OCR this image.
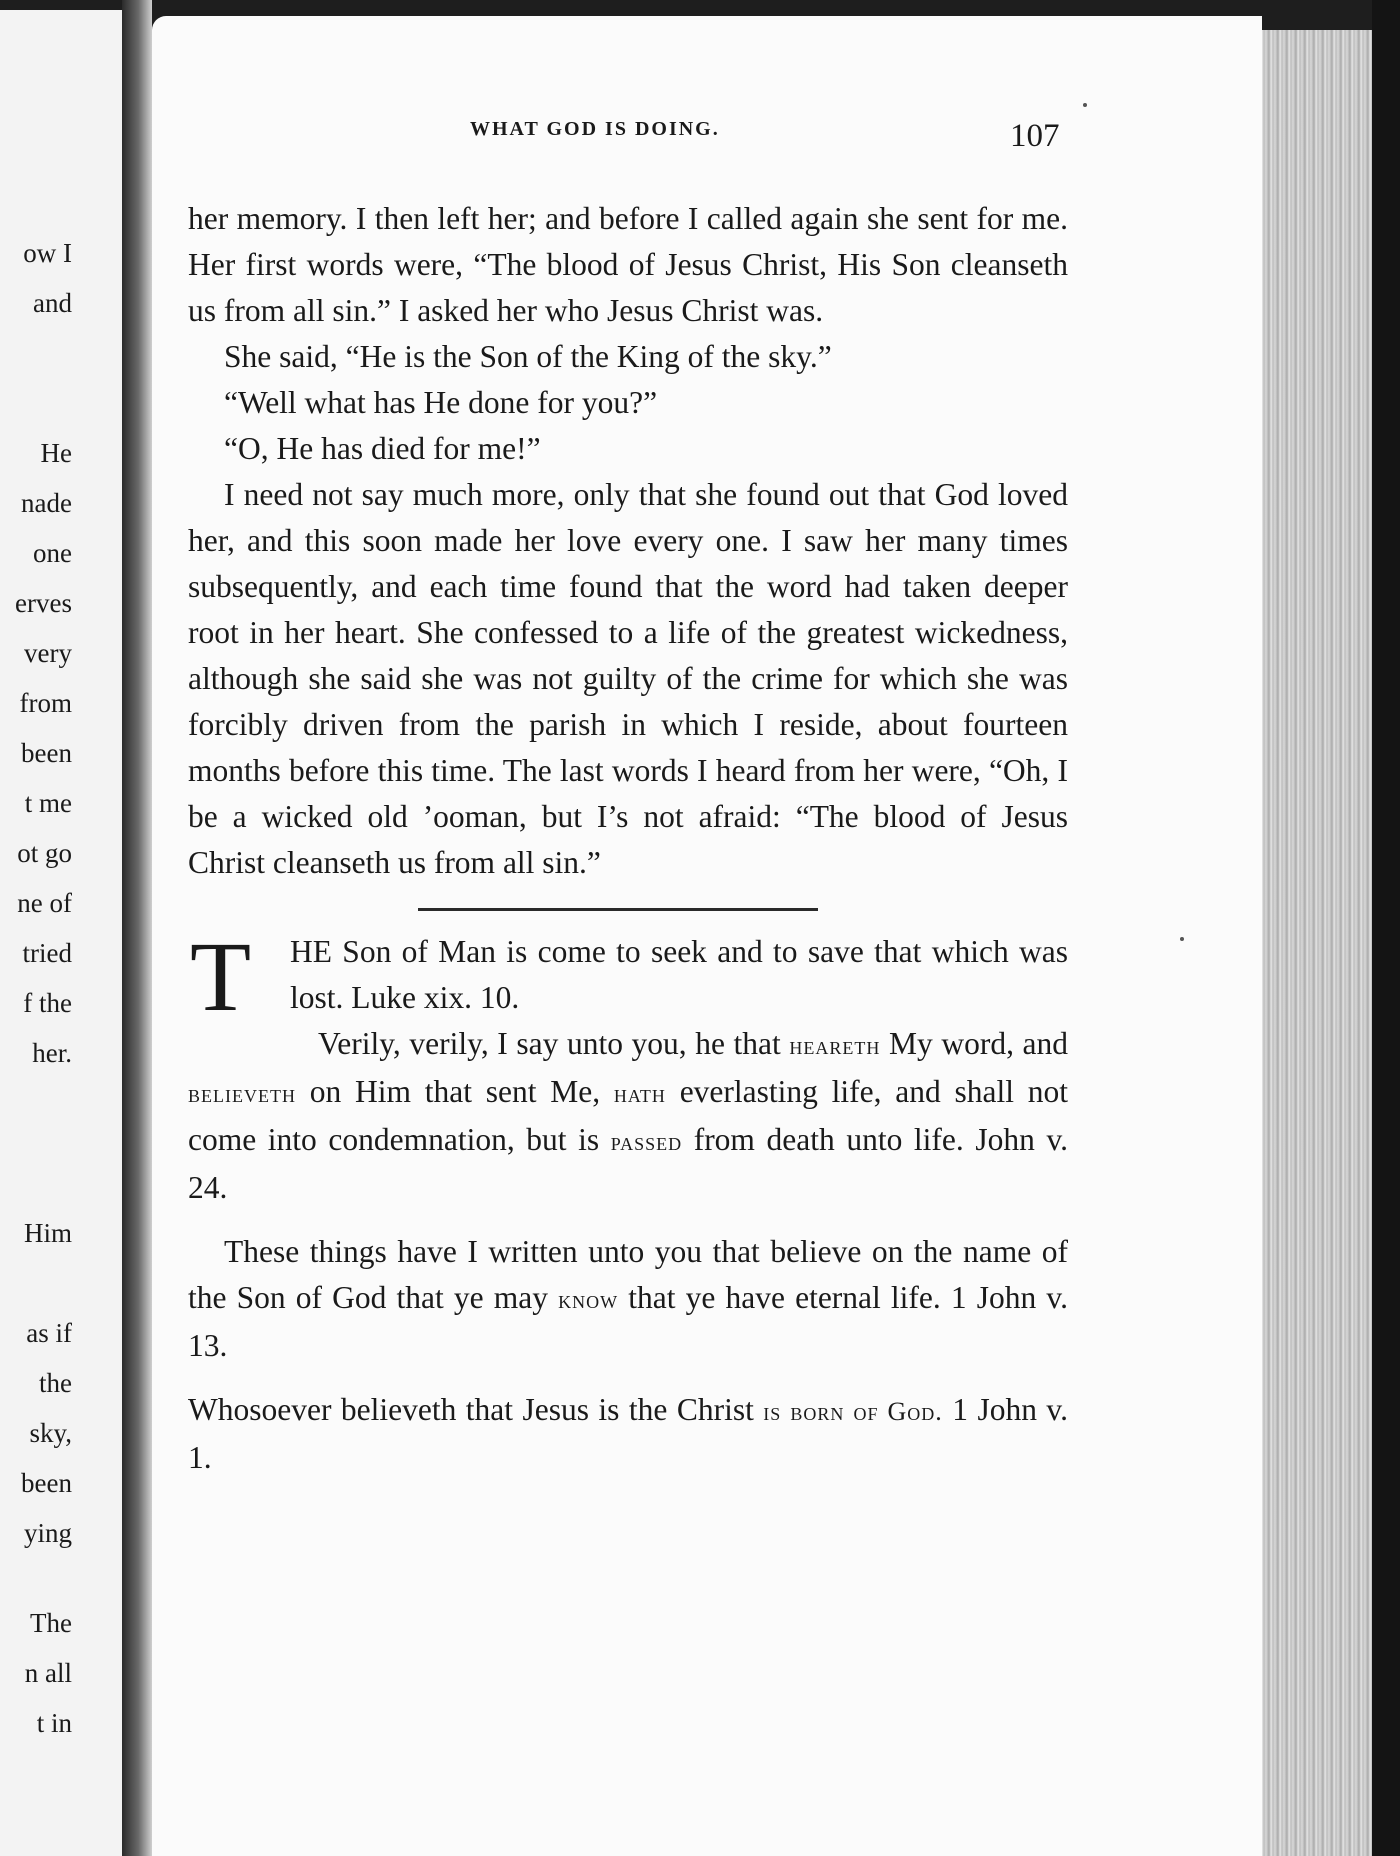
ow I
and
He
nade
one
erves
very
from
been
t me
ot go
ne of
tried
f the
her.
Him
as if
the
sky,
been
ying
The
n all
t in
WHAT GOD IS DOING.	107

her memory. I then left her; and before I called again she sent for me. Her first words were, “The blood of Jesus Christ, His Son cleanseth us from all sin.” I asked her who Jesus Christ was.

She said, “He is the Son of the King of the sky.”

“Well what has He done for you?”

“O, He has died for me!”

I need not say much more, only that she found out that God loved her, and this soon made her love every one. I saw her many times subsequently, and each time found that the word had taken deeper root in her heart. She confessed to a life of the greatest wickedness, although she said she was not guilty of the crime for which she was forcibly driven from the parish in which I reside, about fourteen months before this time. The last words I heard from her were, “Oh, I be a wicked old ’ooman, but I’s not afraid: “The blood of Jesus Christ cleanseth us from all sin.”

T HE Son of Man is come to seek and to save that which was lost. Luke xix. 10.

Verily, verily, I say unto you, he that heareth My word, and believeth on Him that sent Me, hath everlasting life, and shall not come into condemnation, but is passed from death unto life. John v. 24.

These things have I written unto you that believe on the name of the Son of God that ye may know that ye have eternal life. 1 John v. 13.

Whosoever believeth that Jesus is the Christ is born of God. 1 John v. 1.
